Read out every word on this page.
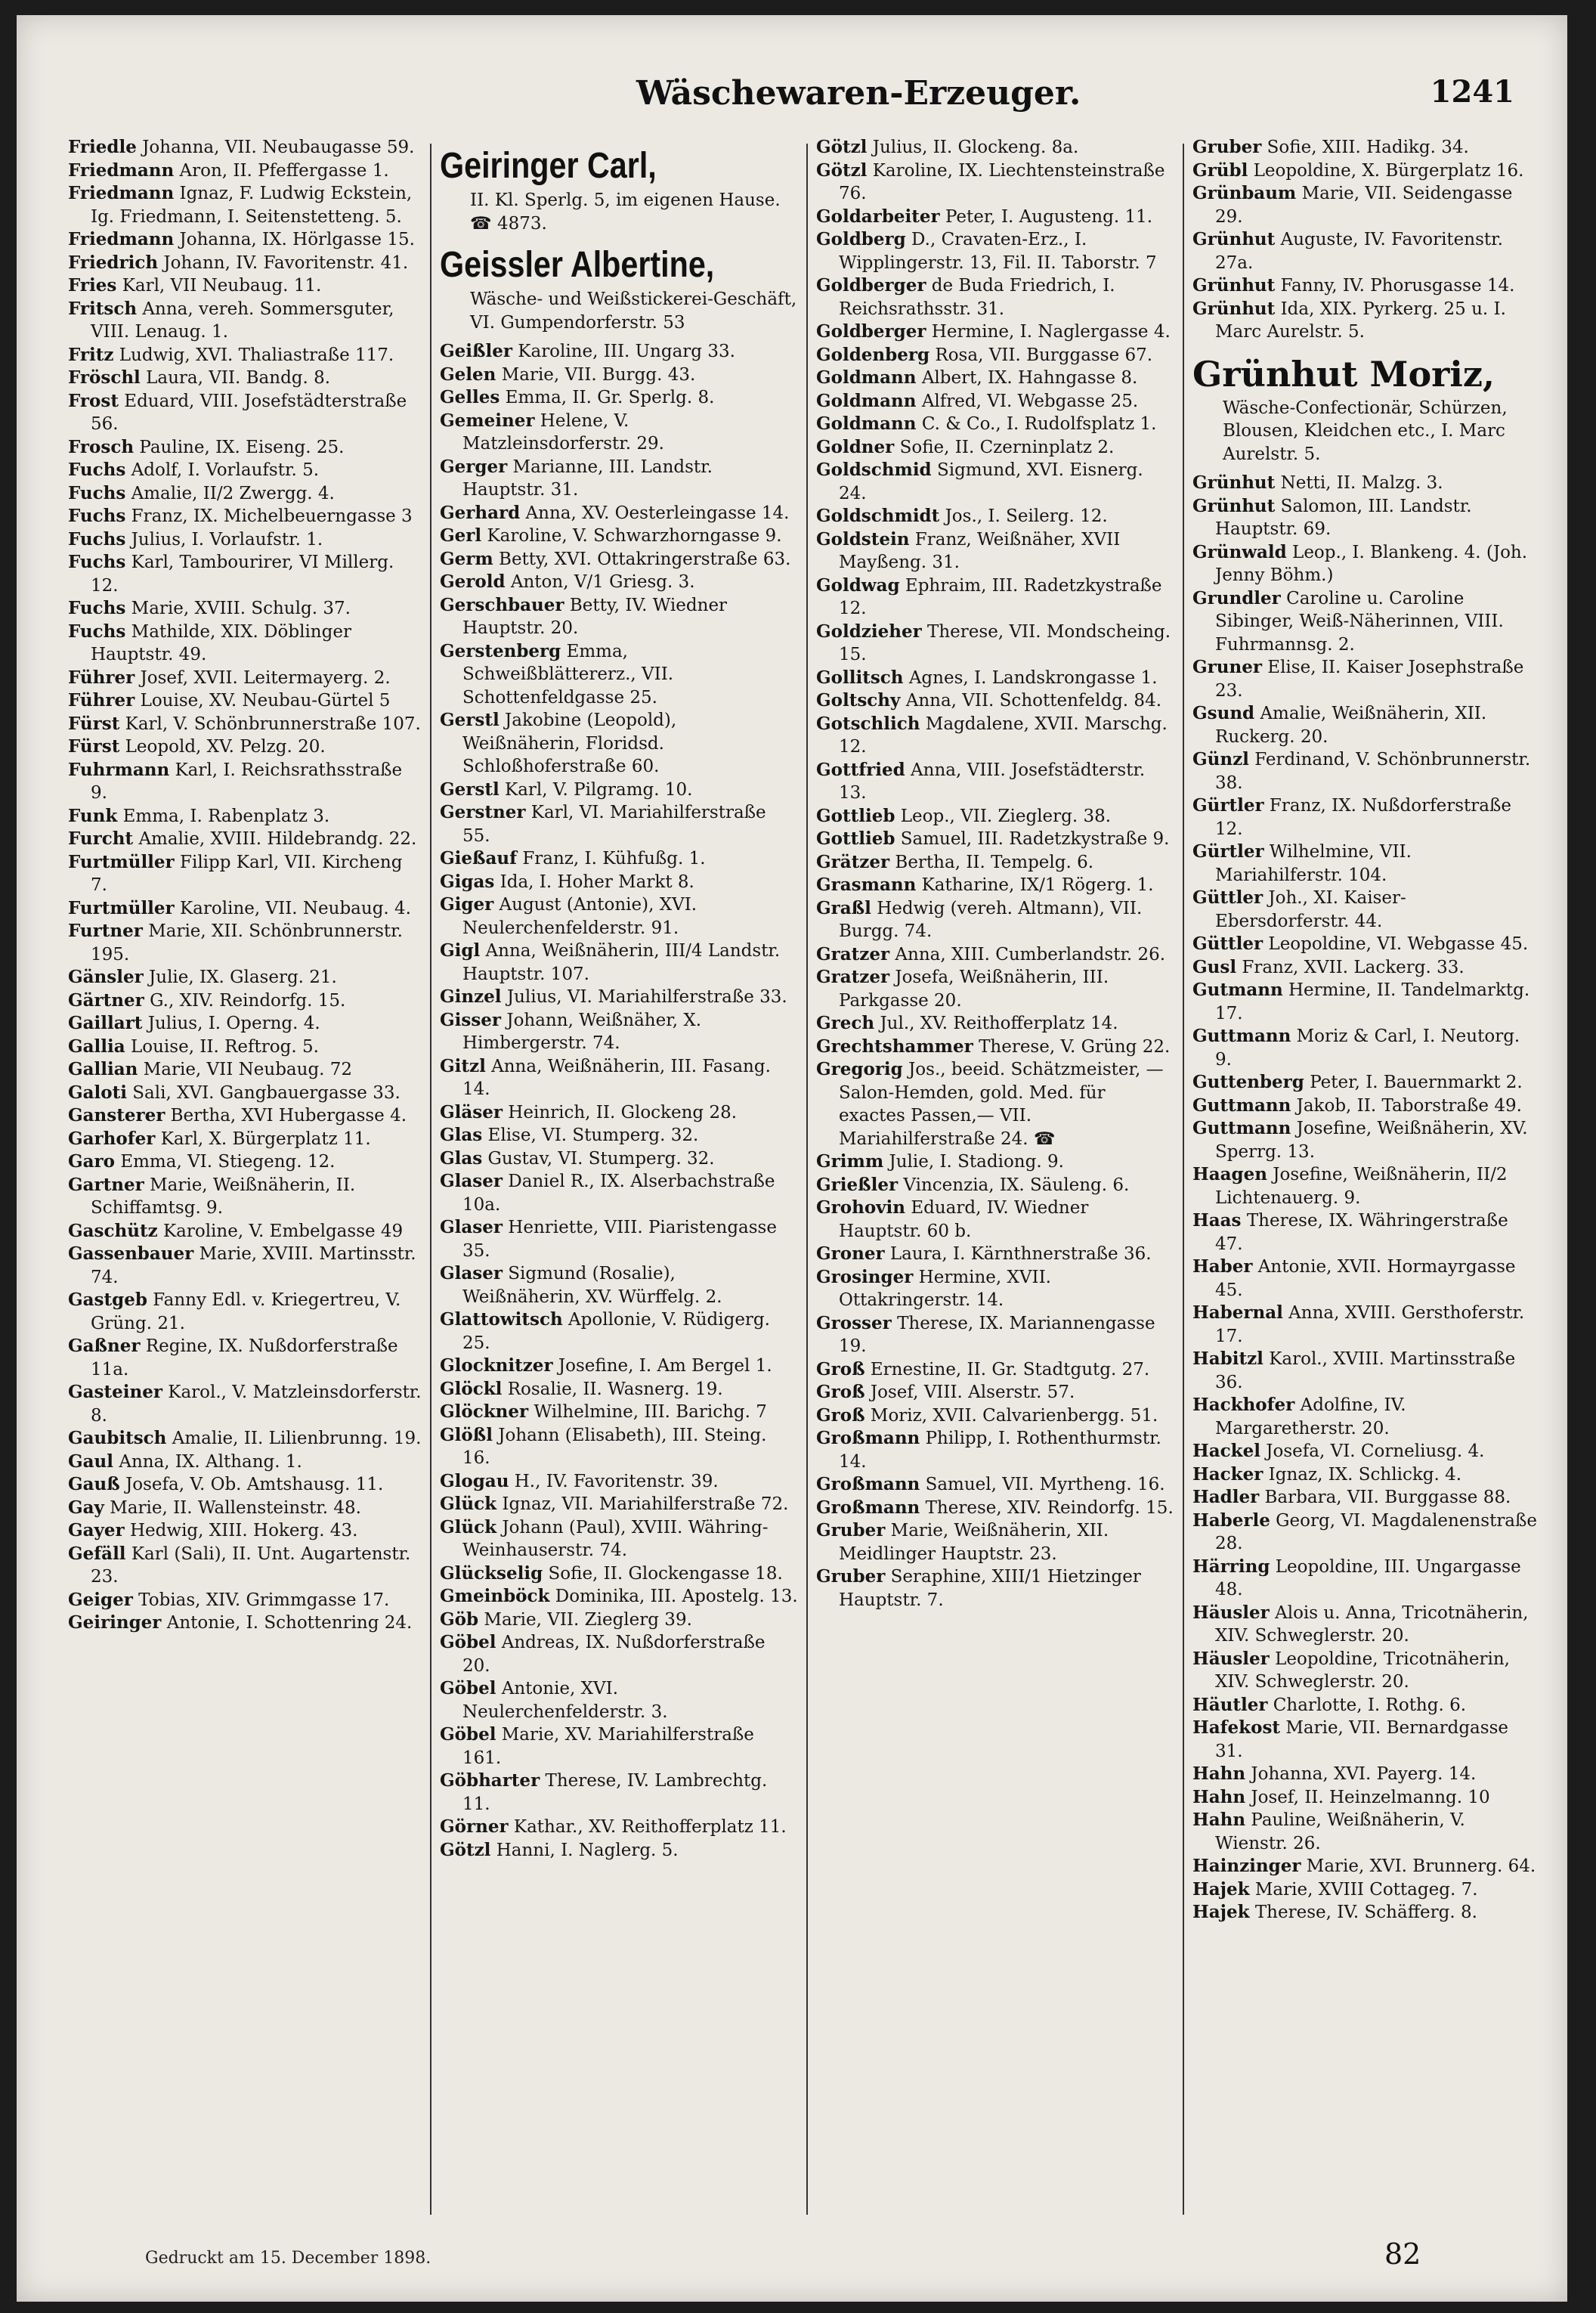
Wäschewaren-Erzeuger.	1241

Friedle Johanna, VII. Neubaugasse 59.

Friedmann Aron, II. Pfeffergasse 1.

Friedmann Ignaz, F. Ludwig Eckstein, Ig. Friedmann, I. Seitenstetteng. 5.

Friedmann Johanna, IX. Hörlgasse 15.

Friedrich Johann, IV. Favoritenstr. 41.

Fries Karl, VII Neubaug. 11.

Fritsch Anna, vereh. Sommersguter, VIII. Lenaug. 1.

Fritz Ludwig, XVI. Thaliastraße 117.

Fröschl Laura, VII. Bandg. 8.

Frost Eduard, VIII. Josefstädterstraße 56.

Frosch Pauline, IX. Eiseng. 25.

Fuchs Adolf, I. Vorlaufstr. 5.

Fuchs Amalie, II/2 Zwergg. 4.

Fuchs Franz, IX. Michelbeuerngasse 3

Fuchs Julius, I. Vorlaufstr. 1.

Fuchs Karl, Tambourirer, VI Millerg. 12.

Fuchs Marie, XVIII. Schulg. 37.

Fuchs Mathilde, XIX. Döblinger Hauptstr. 49.

Führer Josef, XVII. Leitermayerg. 2.

Führer Louise, XV. Neubau-Gürtel 5

Fürst Karl, V. Schönbrunnerstraße 107.

Fürst Leopold, XV. Pelzg. 20.

Fuhrmann Karl, I. Reichsrathsstraße 9.

Funk Emma, I. Rabenplatz 3.

Furcht Amalie, XVIII. Hildebrandg. 22.

Furtmüller Filipp Karl, VII. Kircheng 7.

Furtmüller Karoline, VII. Neubaug. 4.

Furtner Marie, XII. Schönbrunnerstr. 195.

Gänsler Julie, IX. Glaserg. 21.

Gärtner G., XIV. Reindorfg. 15.

Gaillart Julius, I. Operng. 4.

Gallia Louise, II. Reftrog. 5.

Gallian Marie, VII Neubaug. 72

Galoti Sali, XVI. Gangbauergasse 33.

Gansterer Bertha, XVI Hubergasse 4.

Garhofer Karl, X. Bürgerplatz 11.

Garo Emma, VI. Stiegeng. 12.

Gartner Marie, Weißnäherin, II. Schiffamtsg. 9.

Gaschütz Karoline, V. Embelgasse 49

Gassenbauer Marie, XVIII. Martinsstr. 74.

Gastgeb Fanny Edl. v. Kriegertreu, V. Grüng. 21.

Gaßner Regine, IX. Nußdorferstraße 11a.

Gasteiner Karol., V. Matzleinsdorferstr. 8.

Gaubitsch Amalie, II. Lilienbrunng. 19.

Gaul Anna, IX. Althang. 1.

Gauß Josefa, V. Ob. Amtshausg. 11.

Gay Marie, II. Wallensteinstr. 48.

Gayer Hedwig, XIII. Hokerg. 43.

Gefäll Karl (Sali), II. Unt. Augartenstr. 23.

Geiger Tobias, XIV. Grimmgasse 17.

Geiringer Antonie, I. Schottenring 24.

Geiringer Carl,
II. Kl. Sperlg. 5, im eigenen Hause. ☎ 4873.
Geissler Albertine,
Wäsche- und Weißstickerei-Geschäft, VI. Gumpendorferstr. 53

Geißler Karoline, III. Ungarg 33.

Gelen Marie, VII. Burgg. 43.

Gelles Emma, II. Gr. Sperlg. 8.

Gemeiner Helene, V. Matzleinsdorferstr. 29.

Gerger Marianne, III. Landstr. Hauptstr. 31.

Gerhard Anna, XV. Oesterleingasse 14.

Gerl Karoline, V. Schwarzhorngasse 9.

Germ Betty, XVI. Ottakringerstraße 63.

Gerold Anton, V/1 Griesg. 3.

Gerschbauer Betty, IV. Wiedner Hauptstr. 20.

Gerstenberg Emma, Schweißblättererz., VII. Schottenfeldgasse 25.

Gerstl Jakobine (Leopold), Weißnäherin, Floridsd. Schloßhoferstraße 60.

Gerstl Karl, V. Pilgramg. 10.

Gerstner Karl, VI. Mariahilferstraße 55.

Gießauf Franz, I. Kühfußg. 1.

Gigas Ida, I. Hoher Markt 8.

Giger August (Antonie), XVI. Neulerchenfelderstr. 91.

Gigl Anna, Weißnäherin, III/4 Landstr. Hauptstr. 107.

Ginzel Julius, VI. Mariahilferstraße 33.

Gisser Johann, Weißnäher, X. Himbergerstr. 74.

Gitzl Anna, Weißnäherin, III. Fasang. 14.

Gläser Heinrich, II. Glockeng 28.

Glas Elise, VI. Stumperg. 32.

Glas Gustav, VI. Stumperg. 32.

Glaser Daniel R., IX. Alserbachstraße 10a.

Glaser Henriette, VIII. Piaristengasse 35.

Glaser Sigmund (Rosalie), Weißnäherin, XV. Würffelg. 2.

Glattowitsch Apollonie, V. Rüdigerg. 25.

Glocknitzer Josefine, I. Am Bergel 1.

Glöckl Rosalie, II. Wasnerg. 19.

Glöckner Wilhelmine, III. Barichg. 7

Glößl Johann (Elisabeth), III. Steing. 16.

Glogau H., IV. Favoritenstr. 39.

Glück Ignaz, VII. Mariahilferstraße 72.

Glück Johann (Paul), XVIII. Währing-Weinhauserstr. 74.

Glückselig Sofie, II. Glockengasse 18.

Gmeinböck Dominika, III. Apostelg. 13.

Göb Marie, VII. Zieglerg 39.

Göbel Andreas, IX. Nußdorferstraße 20.

Göbel Antonie, XVI. Neulerchenfelderstr. 3.

Göbel Marie, XV. Mariahilferstraße 161.

Göbharter Therese, IV. Lambrechtg. 11.

Görner Kathar., XV. Reithofferplatz 11.

Götzl Hanni, I. Naglerg. 5.

Götzl Julius, II. Glockeng. 8a.

Götzl Karoline, IX. Liechtensteinstraße 76.

Goldarbeiter Peter, I. Augusteng. 11.

Goldberg D., Cravaten-Erz., I. Wipplingerstr. 13, Fil. II. Taborstr. 7

Goldberger de Buda Friedrich, I. Reichsrathsstr. 31.

Goldberger Hermine, I. Naglergasse 4.

Goldenberg Rosa, VII. Burggasse 67.

Goldmann Albert, IX. Hahngasse 8.

Goldmann Alfred, VI. Webgasse 25.

Goldmann C. & Co., I. Rudolfsplatz 1.

Goldner Sofie, II. Czerninplatz 2.

Goldschmid Sigmund, XVI. Eisnerg. 24.

Goldschmidt Jos., I. Seilerg. 12.

Goldstein Franz, Weißnäher, XVII Mayßeng. 31.

Goldwag Ephraim, III. Radetzkystraße 12.

Goldzieher Therese, VII. Mondscheing. 15.

Gollitsch Agnes, I. Landskrongasse 1.

Goltschy Anna, VII. Schottenfeldg. 84.

Gotschlich Magdalene, XVII. Marschg. 12.

Gottfried Anna, VIII. Josefstädterstr. 13.

Gottlieb Leop., VII. Zieglerg. 38.

Gottlieb Samuel, III. Radetzkystraße 9.

Grätzer Bertha, II. Tempelg. 6.

Grasmann Katharine, IX/1 Rögerg. 1.

Graßl Hedwig (vereh. Altmann), VII. Burgg. 74.

Gratzer Anna, XIII. Cumberlandstr. 26.

Gratzer Josefa, Weißnäherin, III. Parkgasse 20.

Grech Jul., XV. Reithofferplatz 14.

Grechtshammer Therese, V. Grüng 22.

Gregorig Jos., beeid. Schätzmeister, —Salon-Hemden, gold. Med. für exactes Passen,— VII. Mariahilferstraße 24. ☎

Grimm Julie, I. Stadiong. 9.

Grießler Vincenzia, IX. Säuleng. 6.

Grohovin Eduard, IV. Wiedner Hauptstr. 60 b.

Groner Laura, I. Kärnthnerstraße 36.

Grosinger Hermine, XVII. Ottakringerstr. 14.

Grosser Therese, IX. Mariannengasse 19.

Groß Ernestine, II. Gr. Stadtgutg. 27.

Groß Josef, VIII. Alserstr. 57.

Groß Moriz, XVII. Calvarienbergg. 51.

Großmann Philipp, I. Rothenthurmstr. 14.

Großmann Samuel, VII. Myrtheng. 16.

Großmann Therese, XIV. Reindorfg. 15.

Gruber Marie, Weißnäherin, XII. Meidlinger Hauptstr. 23.

Gruber Seraphine, XIII/1 Hietzinger Hauptstr. 7.

Gruber Sofie, XIII. Hadikg. 34.

Grübl Leopoldine, X. Bürgerplatz 16.

Grünbaum Marie, VII. Seidengasse 29.

Grünhut Auguste, IV. Favoritenstr. 27a.

Grünhut Fanny, IV. Phorusgasse 14.

Grünhut Ida, XIX. Pyrkerg. 25 u. I. Marc Aurelstr. 5.

Grünhut Moriz,
Wäsche-Confectionär, Schürzen, Blousen, Kleidchen etc., I. Marc Aurelstr. 5.

Grünhut Netti, II. Malzg. 3.

Grünhut Salomon, III. Landstr. Hauptstr. 69.

Grünwald Leop., I. Blankeng. 4. (Joh. Jenny Böhm.)

Grundler Caroline u. Caroline Sibinger, Weiß-Näherinnen, VIII. Fuhrmannsg. 2.

Gruner Elise, II. Kaiser Josephstraße 23.

Gsund Amalie, Weißnäherin, XII. Ruckerg. 20.

Günzl Ferdinand, V. Schönbrunnerstr. 38.

Gürtler Franz, IX. Nußdorferstraße 12.

Gürtler Wilhelmine, VII. Mariahilferstr. 104.

Güttler Joh., XI. Kaiser-Ebersdorferstr. 44.

Güttler Leopoldine, VI. Webgasse 45.

Gusl Franz, XVII. Lackerg. 33.

Gutmann Hermine, II. Tandelmarktg. 17.

Guttmann Moriz & Carl, I. Neutorg. 9.

Guttenberg Peter, I. Bauernmarkt 2.

Guttmann Jakob, II. Taborstraße 49.

Guttmann Josefine, Weißnäherin, XV. Sperrg. 13.

Haagen Josefine, Weißnäherin, II/2 Lichtenauerg. 9.

Haas Therese, IX. Währingerstraße 47.

Haber Antonie, XVII. Hormayrgasse 45.

Habernal Anna, XVIII. Gersthoferstr. 17.

Habitzl Karol., XVIII. Martinsstraße 36.

Hackhofer Adolfine, IV. Margaretherstr. 20.

Hackel Josefa, VI. Corneliusg. 4.

Hacker Ignaz, IX. Schlickg. 4.

Hadler Barbara, VII. Burggasse 88.

Haberle Georg, VI. Magdalenenstraße 28.

Härring Leopoldine, III. Ungargasse 48.

Häusler Alois u. Anna, Tricotnäherin, XIV. Schweglerstr. 20.

Häusler Leopoldine, Tricotnäherin, XIV. Schweglerstr. 20.

Häutler Charlotte, I. Rothg. 6.

Hafekost Marie, VII. Bernardgasse 31.

Hahn Johanna, XVI. Payerg. 14.

Hahn Josef, II. Heinzelmanng. 10

Hahn Pauline, Weißnäherin, V. Wienstr. 26.

Hainzinger Marie, XVI. Brunnerg. 64.

Hajek Marie, XVIII Cottageg. 7.

Hajek Therese, IV. Schäfferg. 8.

Gedruckt am 15. December 1898.	82
